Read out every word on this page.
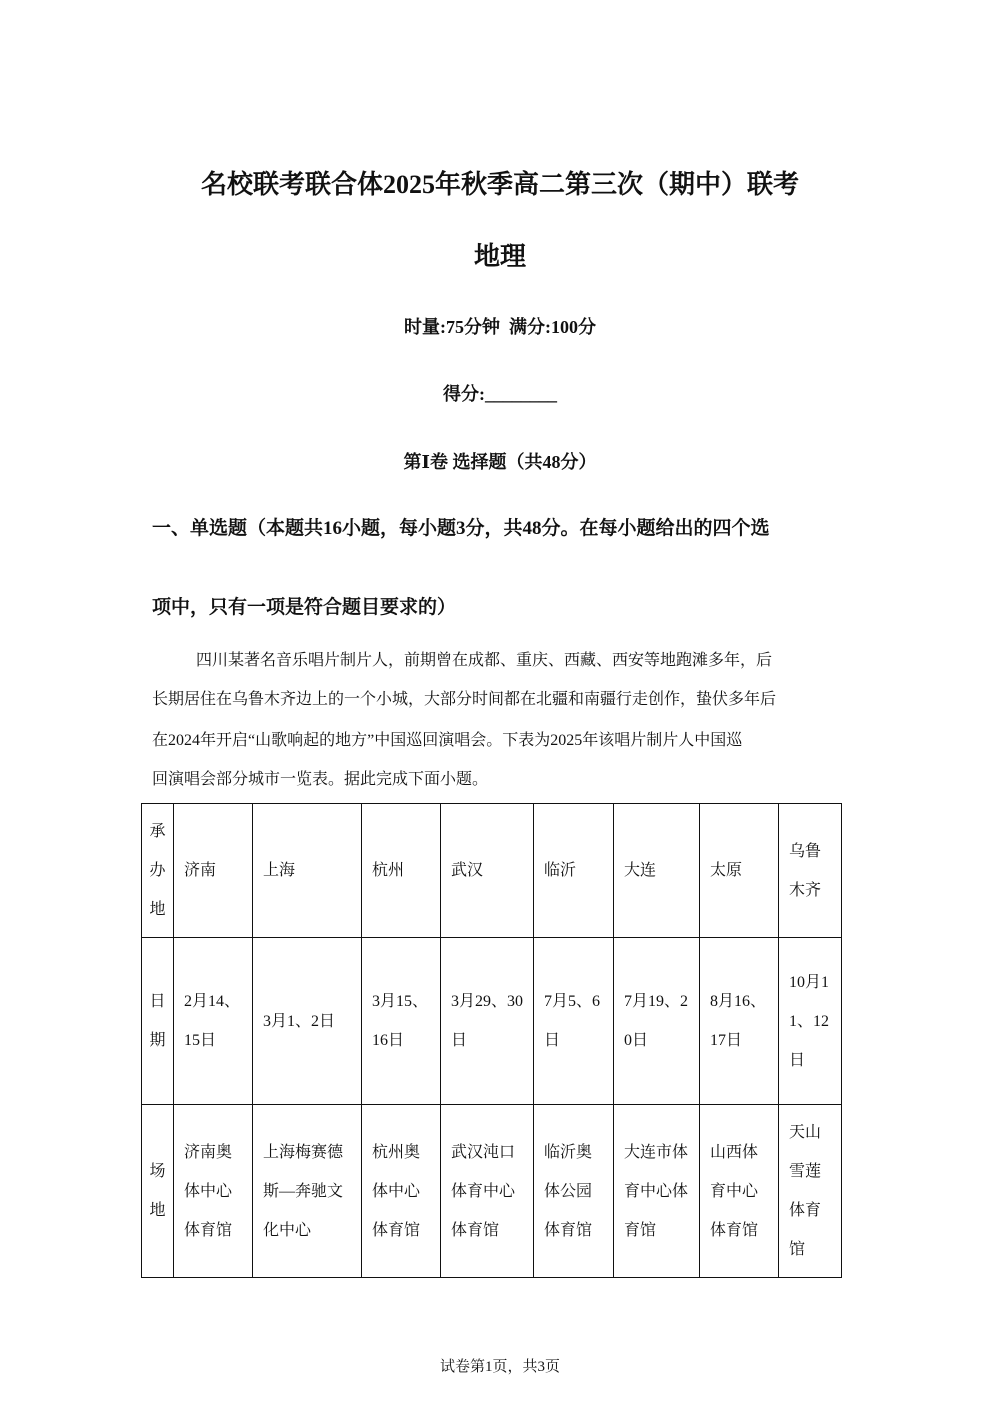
名校联考联合体2025年秋季高二第三次（期中）联考
地理
时量:75分钟  满分:100分
得分:________
第Ⅰ卷 选择题（共48分）
一、单选题（本题共16小题，每小题3分，共48分。在每小题给出的四个选
项中，只有一项是符合题目要求的）
四川某著名音乐唱片制片人，前期曾在成都、重庆、西藏、西安等地跑滩多年，后
长期居住在乌鲁木齐边上的一个小城，大部分时间都在北疆和南疆行走创作，蛰伏多年后
在2024年开启“山歌响起的地方”中国巡回演唱会。下表为2025年该唱片制片人中国巡
回演唱会部分城市一览表。据此完成下面小题。
承办地	济南	上海	杭州	武汉	临沂	大连	太原	乌鲁木齐
日期	2月14、15日	3月1、2日	3月15、16日	3月29、30日	7月5、6日	7月19、20日	8月16、17日	10月11、12日
场地	济南奥体中心体育馆	上海梅赛德斯—奔驰文化中心	杭州奥体中心体育馆	武汉沌口体育中心体育馆	临沂奥体公园体育馆	大连市体育中心体育馆	山西体育中心体育馆	天山雪莲体育馆
试卷第1页，共3页
